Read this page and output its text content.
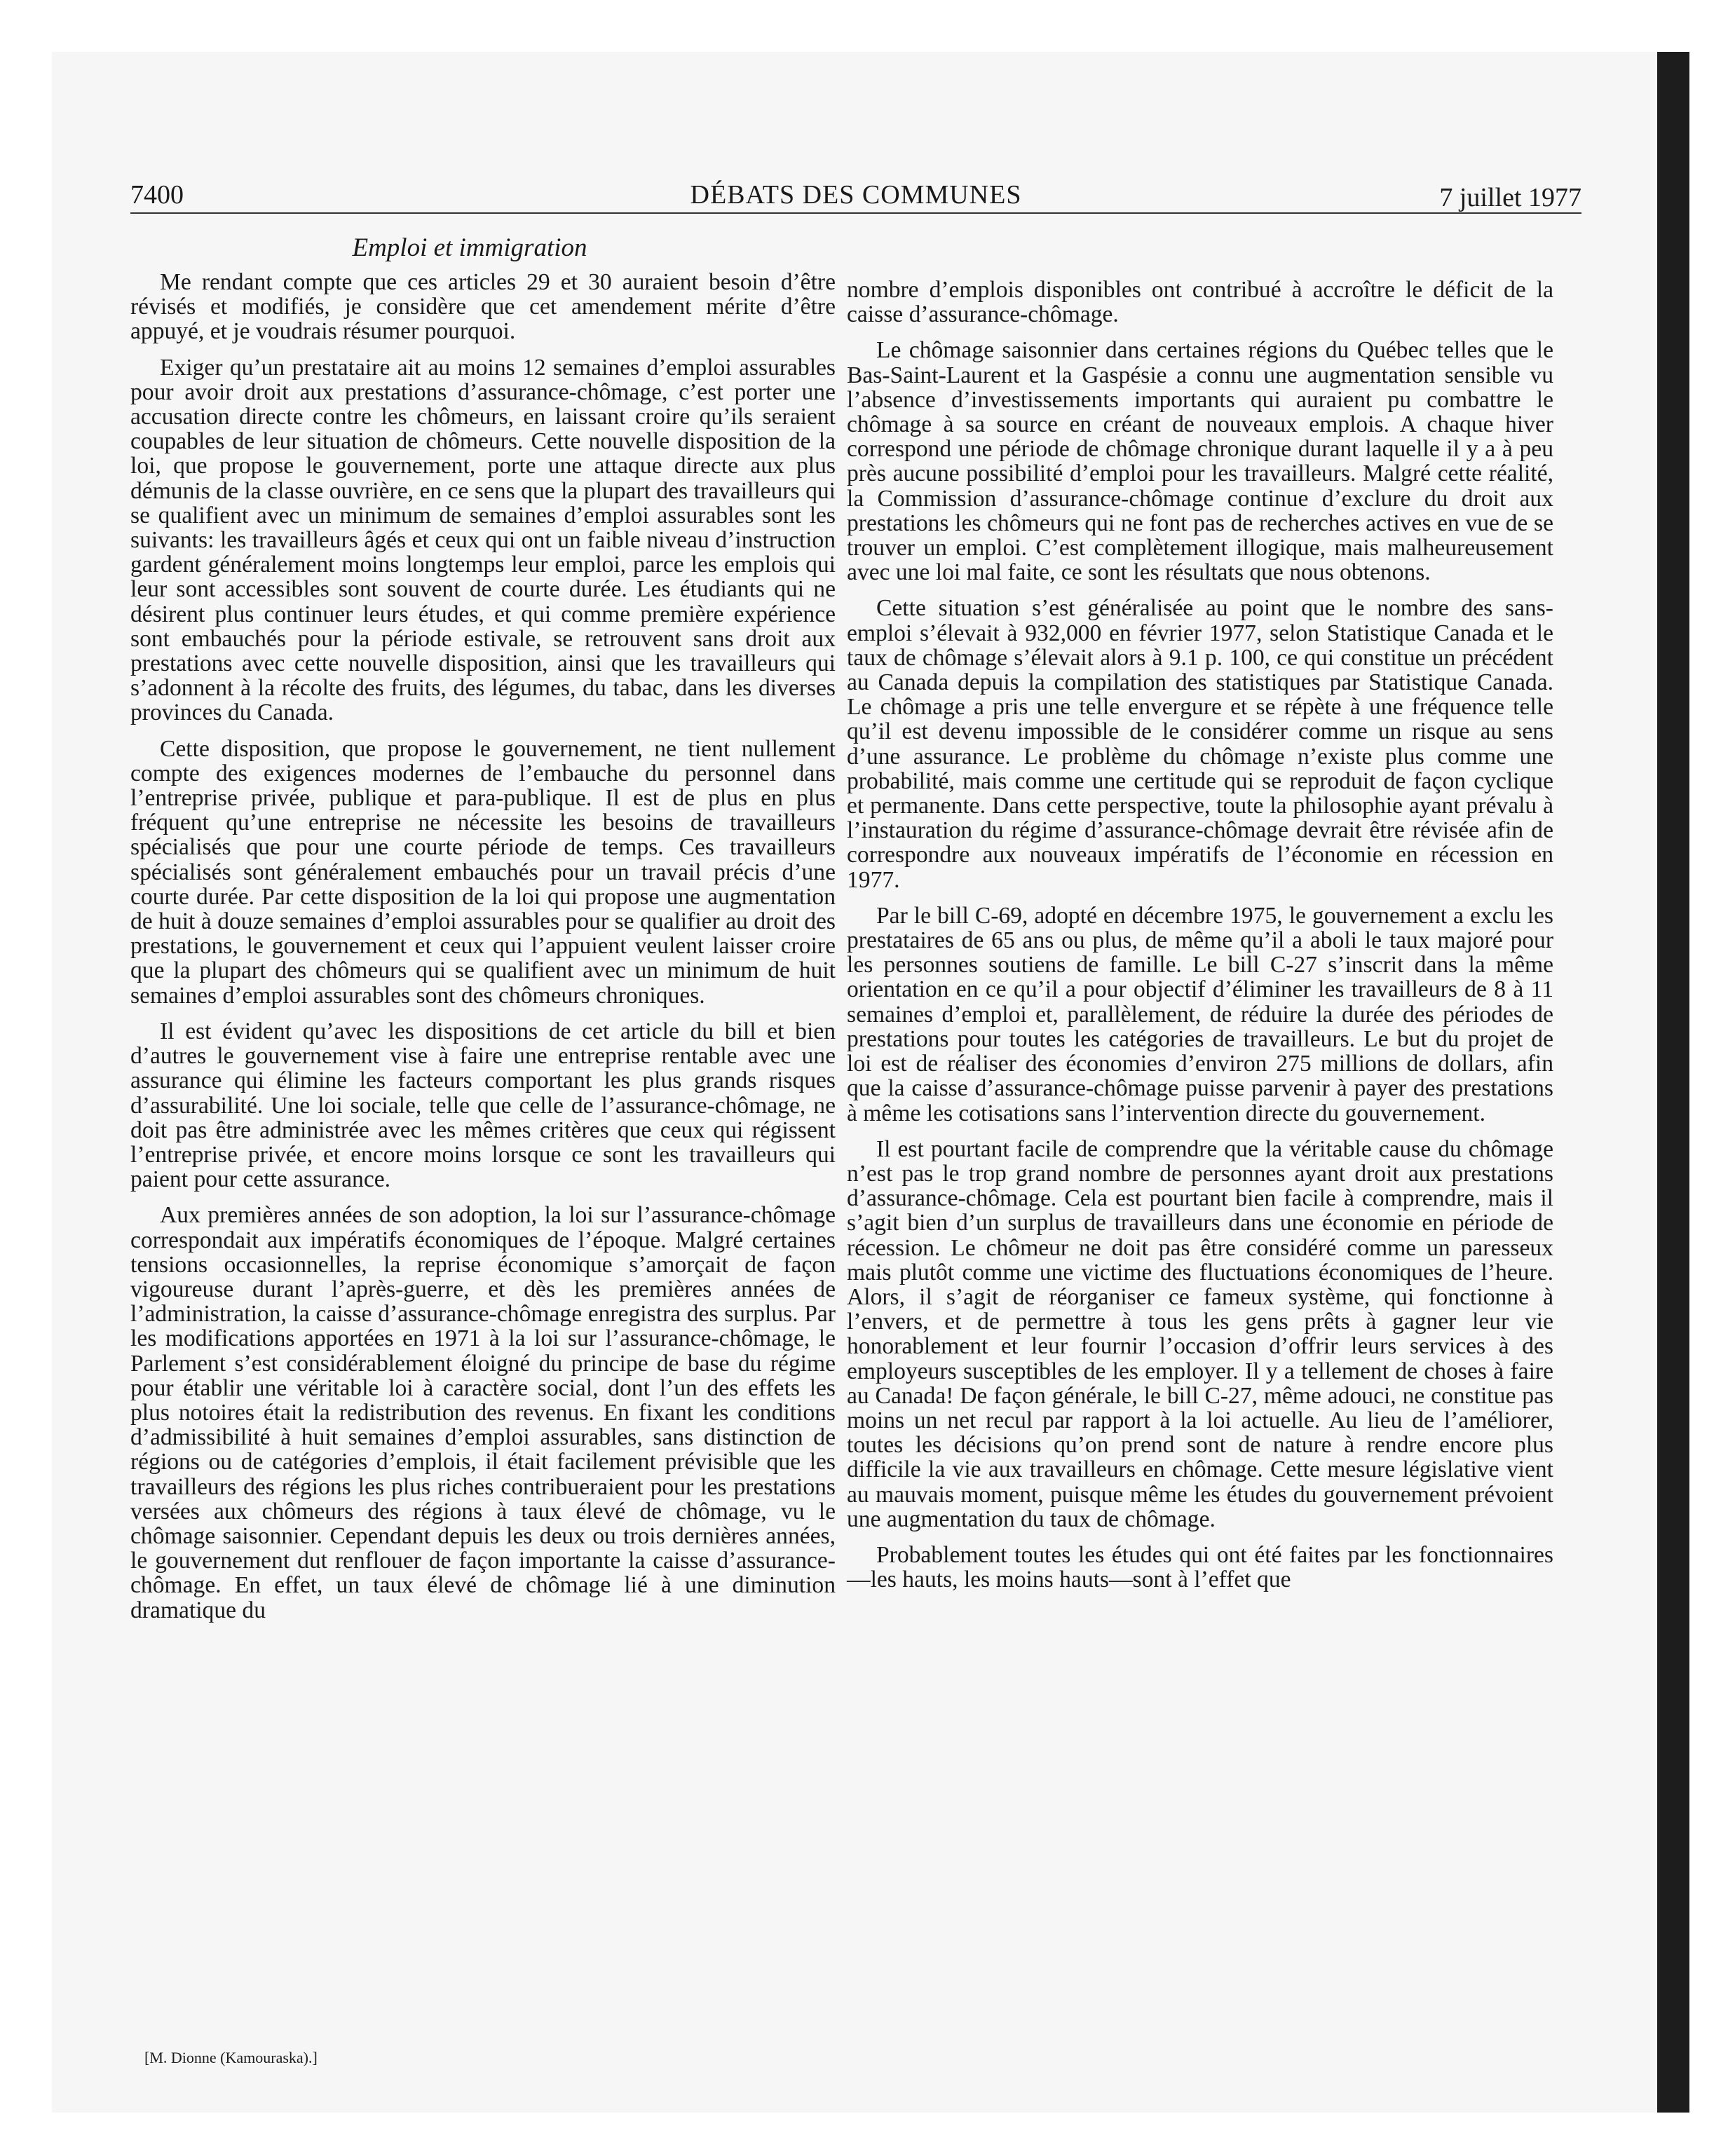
7400	DÉBATS DES COMMUNES	7 juillet 1977
Emploi et immigration

Me rendant compte que ces articles 29 et 30 auraient besoin d’être révisés et modifiés, je considère que cet amendement mérite d’être appuyé, et je voudrais résumer pourquoi.

Exiger qu’un prestataire ait au moins 12 semaines d’emploi assurables pour avoir droit aux prestations d’assurance-chômage, c’est porter une accusation directe contre les chômeurs, en laissant croire qu’ils seraient coupables de leur situation de chômeurs. Cette nouvelle disposition de la loi, que propose le gouvernement, porte une attaque directe aux plus démunis de la classe ouvrière, en ce sens que la plupart des travailleurs qui se qualifient avec un minimum de semaines d’emploi assurables sont les suivants: les travailleurs âgés et ceux qui ont un faible niveau d’instruction gardent généralement moins longtemps leur emploi, parce les emplois qui leur sont accessibles sont souvent de courte durée. Les étudiants qui ne désirent plus continuer leurs études, et qui comme première expérience sont embauchés pour la période estivale, se retrouvent sans droit aux prestations avec cette nouvelle disposition, ainsi que les travailleurs qui s’adonnent à la récolte des fruits, des légumes, du tabac, dans les diverses provinces du Canada.

Cette disposition, que propose le gouvernement, ne tient nullement compte des exigences modernes de l’embauche du personnel dans l’entreprise privée, publique et para-publique. Il est de plus en plus fréquent qu’une entreprise ne nécessite les besoins de travailleurs spécialisés que pour une courte période de temps. Ces travailleurs spécialisés sont généralement embauchés pour un travail précis d’une courte durée. Par cette disposition de la loi qui propose une augmentation de huit à douze semaines d’emploi assurables pour se qualifier au droit des prestations, le gouvernement et ceux qui l’appuient veulent laisser croire que la plupart des chômeurs qui se qualifient avec un minimum de huit semaines d’emploi assurables sont des chômeurs chroniques.

Il est évident qu’avec les dispositions de cet article du bill et bien d’autres le gouvernement vise à faire une entreprise rentable avec une assurance qui élimine les facteurs comportant les plus grands risques d’assurabilité. Une loi sociale, telle que celle de l’assurance-chômage, ne doit pas être administrée avec les mêmes critères que ceux qui régissent l’entreprise privée, et encore moins lorsque ce sont les travailleurs qui paient pour cette assurance.

Aux premières années de son adoption, la loi sur l’assurance-chômage correspondait aux impératifs économiques de l’époque. Malgré certaines tensions occasionnelles, la reprise économique s’amorçait de façon vigoureuse durant l’après-guerre, et dès les premières années de l’administration, la caisse d’assurance-chômage enregistra des surplus. Par les modifications apportées en 1971 à la loi sur l’assurance-chômage, le Parlement s’est considérablement éloigné du principe de base du régime pour établir une véritable loi à caractère social, dont l’un des effets les plus notoires était la redistribution des revenus. En fixant les conditions d’admissibilité à huit semaines d’emploi assurables, sans distinction de régions ou de catégories d’emplois, il était facilement prévisible que les travailleurs des régions les plus riches contribueraient pour les prestations versées aux chômeurs des régions à taux élevé de chômage, vu le chômage saisonnier. Cependant depuis les deux ou trois dernières années, le gouvernement dut renflouer de façon importante la caisse d’assurance-chômage. En effet, un taux élevé de chômage lié à une diminution dramatique du

nombre d’emplois disponibles ont contribué à accroître le déficit de la caisse d’assurance-chômage.

Le chômage saisonnier dans certaines régions du Québec telles que le Bas-Saint-Laurent et la Gaspésie a connu une augmentation sensible vu l’absence d’investissements importants qui auraient pu combattre le chômage à sa source en créant de nouveaux emplois. A chaque hiver correspond une période de chômage chronique durant laquelle il y a à peu près aucune possibilité d’emploi pour les travailleurs. Malgré cette réalité, la Commission d’assurance-chômage continue d’exclure du droit aux prestations les chômeurs qui ne font pas de recherches actives en vue de se trouver un emploi. C’est complètement illogique, mais malheureusement avec une loi mal faite, ce sont les résultats que nous obtenons.

Cette situation s’est généralisée au point que le nombre des sans-emploi s’élevait à 932,000 en février 1977, selon Statistique Canada et le taux de chômage s’élevait alors à 9.1 p. 100, ce qui constitue un précédent au Canada depuis la compilation des statistiques par Statistique Canada. Le chômage a pris une telle envergure et se répète à une fréquence telle qu’il est devenu impossible de le considérer comme un risque au sens d’une assurance. Le problème du chômage n’existe plus comme une probabilité, mais comme une certitude qui se reproduit de façon cyclique et permanente. Dans cette perspective, toute la philosophie ayant prévalu à l’instauration du régime d’assurance-chômage devrait être révisée afin de correspondre aux nouveaux impératifs de l’économie en récession en 1977.

Par le bill C-69, adopté en décembre 1975, le gouvernement a exclu les prestataires de 65 ans ou plus, de même qu’il a aboli le taux majoré pour les personnes soutiens de famille. Le bill C-27 s’inscrit dans la même orientation en ce qu’il a pour objectif d’éliminer les travailleurs de 8 à 11 semaines d’emploi et, parallèlement, de réduire la durée des périodes de prestations pour toutes les catégories de travailleurs. Le but du projet de loi est de réaliser des économies d’environ 275 millions de dollars, afin que la caisse d’assurance-chômage puisse parvenir à payer des prestations à même les cotisations sans l’intervention directe du gouvernement.

Il est pourtant facile de comprendre que la véritable cause du chômage n’est pas le trop grand nombre de personnes ayant droit aux prestations d’assurance-chômage. Cela est pourtant bien facile à comprendre, mais il s’agit bien d’un surplus de travailleurs dans une économie en période de récession. Le chômeur ne doit pas être considéré comme un paresseux mais plutôt comme une victime des fluctuations économiques de l’heure. Alors, il s’agit de réorganiser ce fameux système, qui fonctionne à l’envers, et de permettre à tous les gens prêts à gagner leur vie honorablement et leur fournir l’occasion d’offrir leurs services à des employeurs susceptibles de les employer. Il y a tellement de choses à faire au Canada! De façon générale, le bill C-27, même adouci, ne constitue pas moins un net recul par rapport à la loi actuelle. Au lieu de l’améliorer, toutes les décisions qu’on prend sont de nature à rendre encore plus difficile la vie aux travailleurs en chômage. Cette mesure législative vient au mauvais moment, puisque même les études du gouvernement prévoient une augmentation du taux de chômage.

Probablement toutes les études qui ont été faites par les fonctionnaires—les hauts, les moins hauts—sont à l’effet que

[M. Dionne (Kamouraska).]
